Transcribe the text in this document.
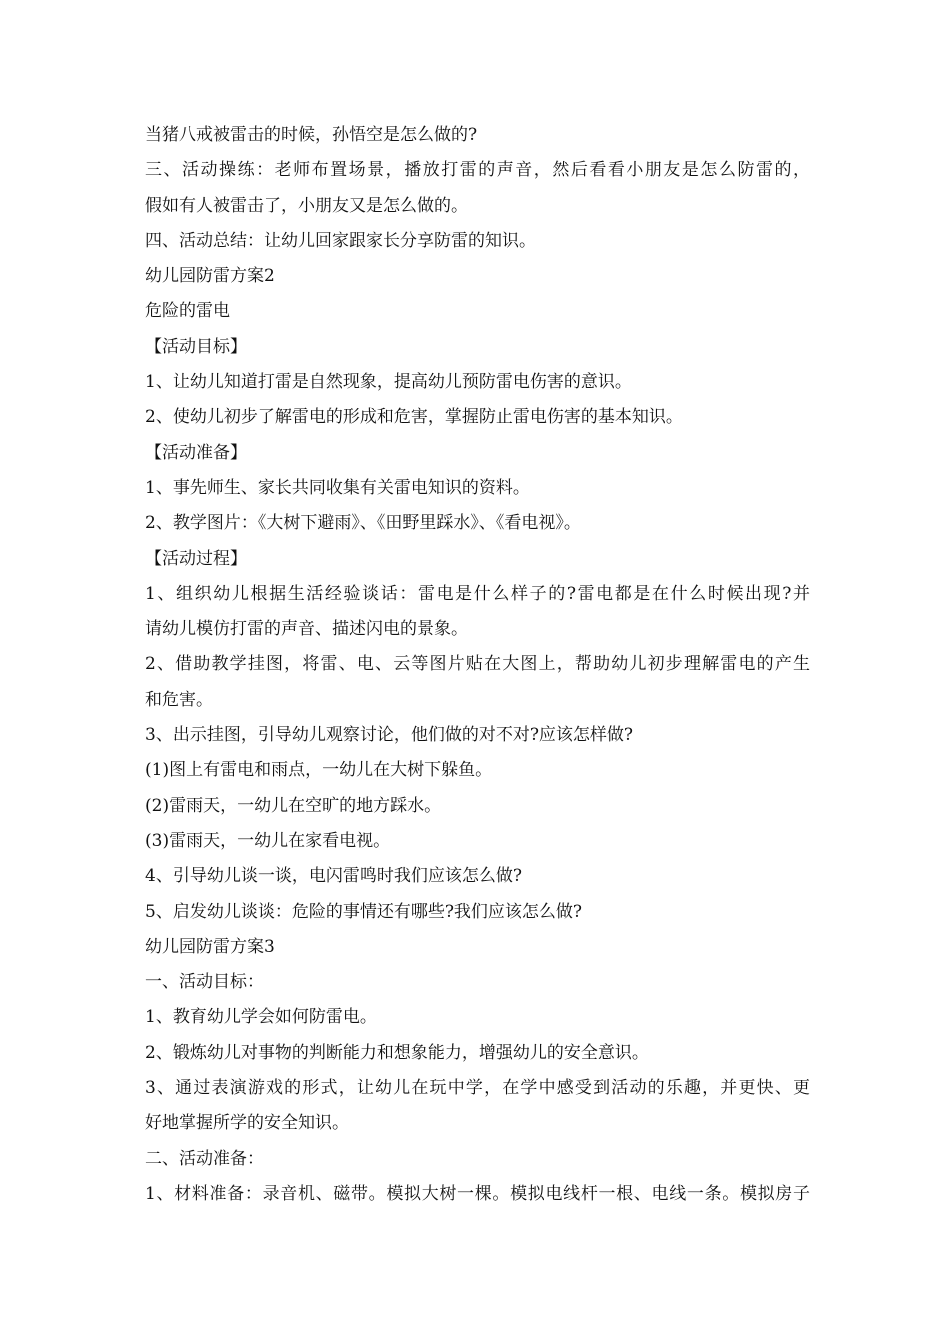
当猪八戒被雷击的时候，孙悟空是怎么做的?
三、活动操练：老师布置场景，播放打雷的声音，然后看看小朋友是怎么防雷的，
假如有人被雷击了，小朋友又是怎么做的。
四、活动总结：让幼儿回家跟家长分享防雷的知识。
幼儿园防雷方案2
危险的雷电
【活动目标】
1、让幼儿知道打雷是自然现象，提高幼儿预防雷电伤害的意识。
2、使幼儿初步了解雷电的形成和危害，掌握防止雷电伤害的基本知识。
【活动准备】
1、事先师生、家长共同收集有关雷电知识的资料。
2、教学图片：《大树下避雨》、《田野里踩水》、《看电视》。
【活动过程】
1、组织幼儿根据生活经验谈话：雷电是什么样子的?雷电都是在什么时候出现?并
请幼儿模仿打雷的声音、描述闪电的景象。
2、借助教学挂图，将雷、电、云等图片贴在大图上，帮助幼儿初步理解雷电的产生
和危害。
3、出示挂图，引导幼儿观察讨论，他们做的对不对?应该怎样做?
(1)图上有雷电和雨点，一幼儿在大树下躲鱼。
(2)雷雨天，一幼儿在空旷的地方踩水。
(3)雷雨天，一幼儿在家看电视。
4、引导幼儿谈一谈，电闪雷鸣时我们应该怎么做?
5、启发幼儿谈谈：危险的事情还有哪些?我们应该怎么做?
幼儿园防雷方案3
一、活动目标：
1、教育幼儿学会如何防雷电。
2、锻炼幼儿对事物的判断能力和想象能力，增强幼儿的安全意识。
3、通过表演游戏的形式，让幼儿在玩中学，在学中感受到活动的乐趣，并更快、更
好地掌握所学的安全知识。
二、活动准备：
1、材料准备：录音机、磁带。模拟大树一棵。模拟电线杆一根、电线一条。模拟房子
